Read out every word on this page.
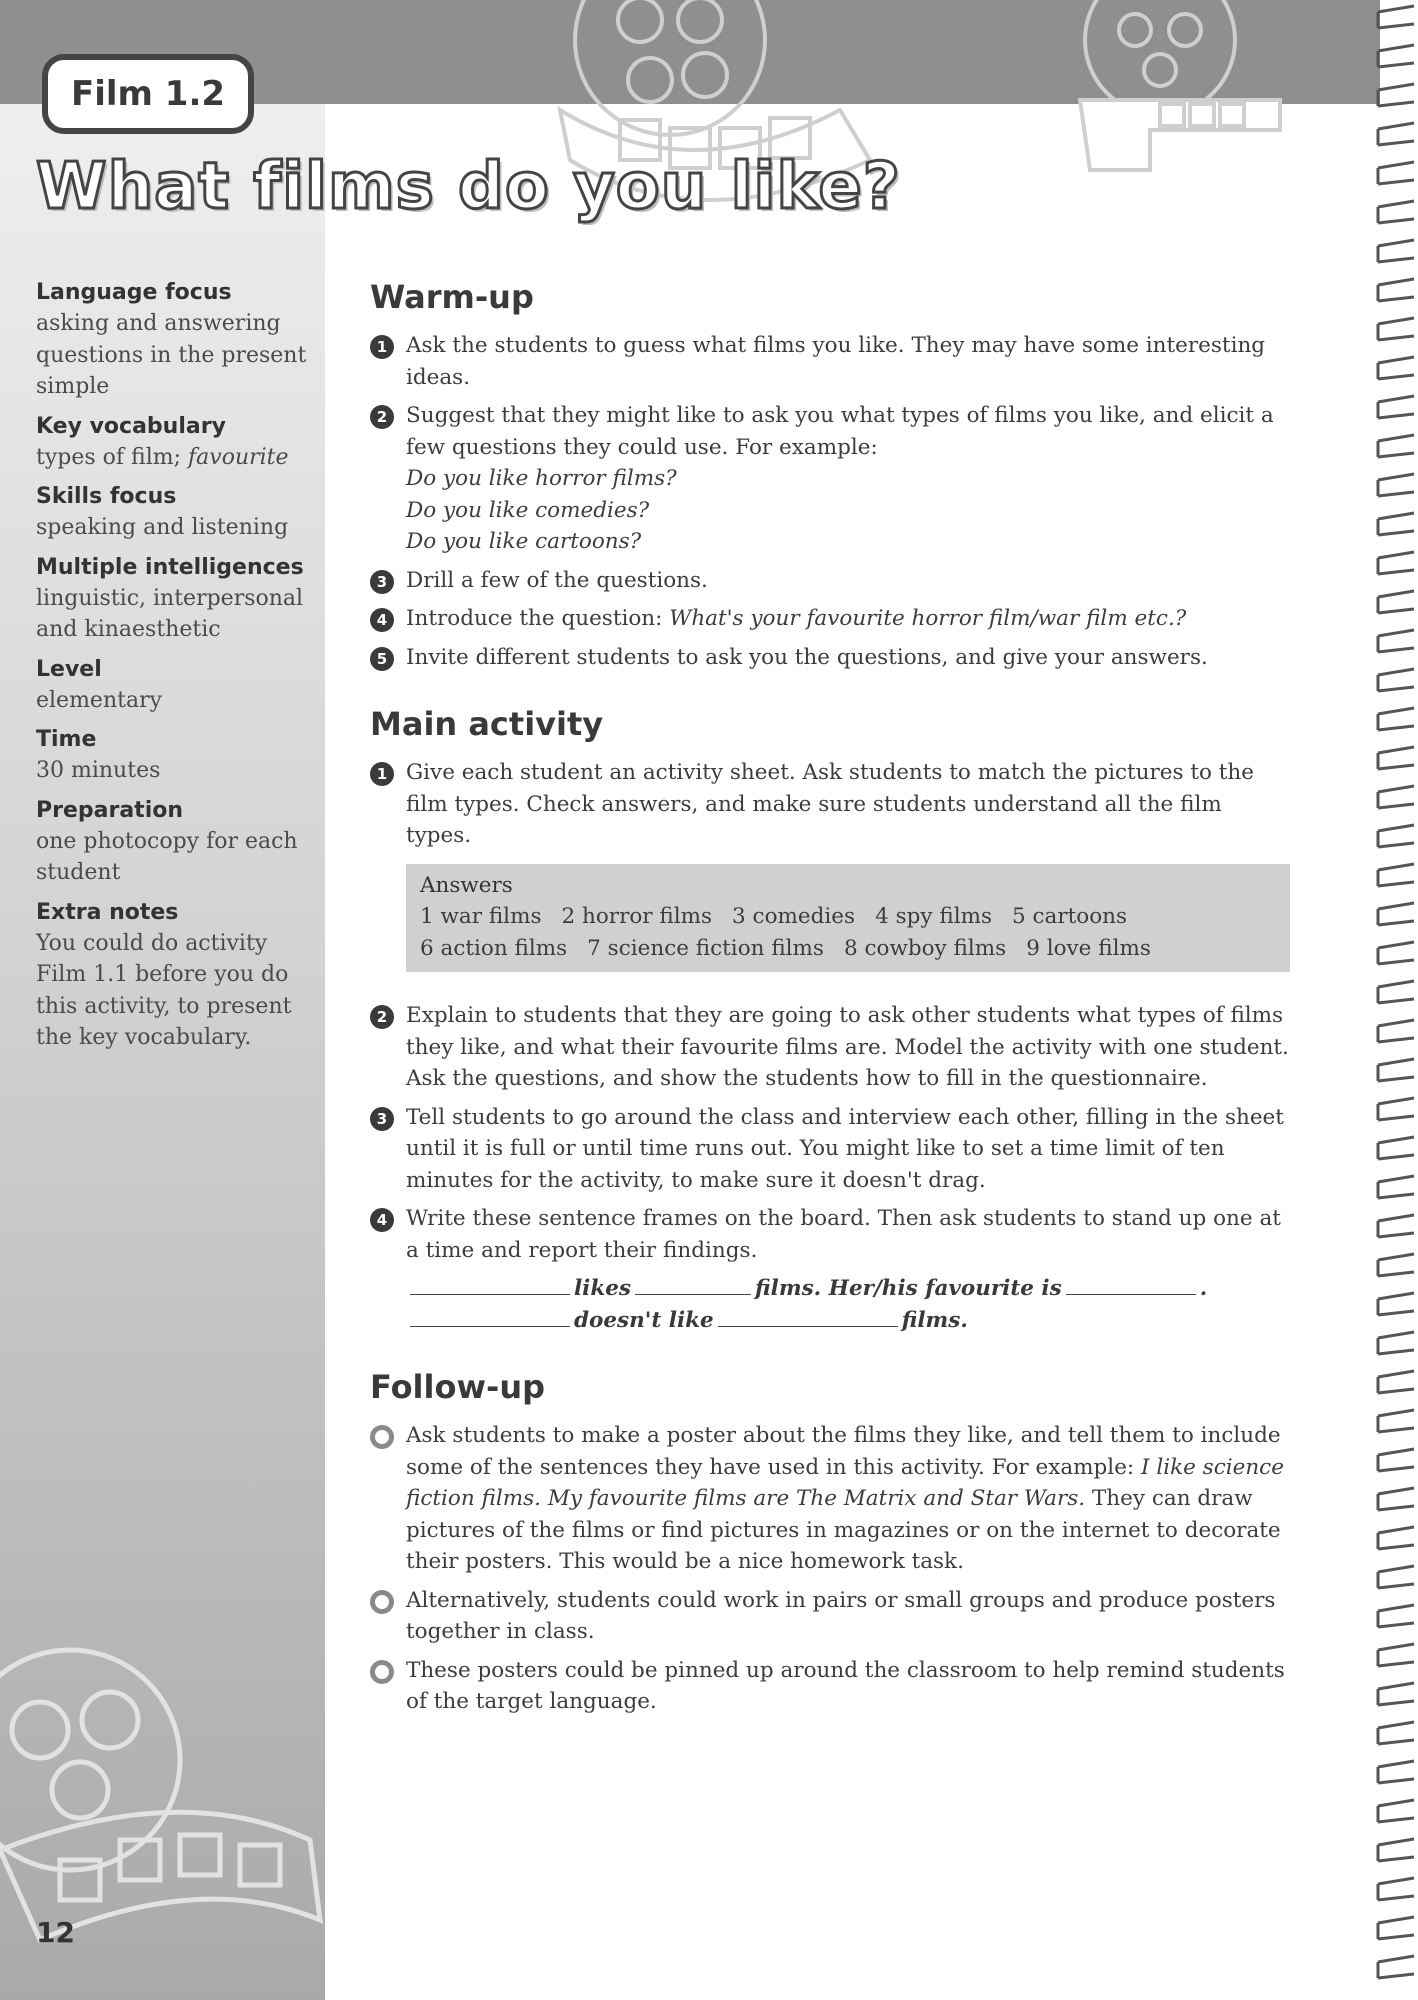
Film 1.2
What films do you like?
Language focus
asking and answering questions in the present simple
Key vocabulary
types of film; favourite
Skills focus
speaking and listening
Multiple intelligences
linguistic, interpersonal and kinaesthetic
Level
elementary
Time
30 minutes
Preparation
one photocopy for each student
Extra notes
You could do activity Film 1.1 before you do this activity, to present the key vocabulary.
12
Warm-up
1 Ask the students to guess what films you like. They may have some interesting ideas.
2 Suggest that they might like to ask you what types of films you like, and elicit a few questions they could use. For example:
Do you like horror films?
Do you like comedies?
Do you like cartoons?
3 Drill a few of the questions.
4 Introduce the question: What's your favourite horror film/war film etc.?
5 Invite different students to ask you the questions, and give your answers.
Main activity
1 Give each student an activity sheet. Ask students to match the pictures to the film types. Check answers, and make sure students understand all the film types.
Answers
1 war films 2 horror films 3 comedies 4 spy films 5 cartoons
6 action films 7 science fiction films 8 cowboy films 9 love films
2 Explain to students that they are going to ask other students what types of films they like, and what their favourite films are. Model the activity with one student. Ask the questions, and show the students how to fill in the questionnaire.
3 Tell students to go around the class and interview each other, filling in the sheet until it is full or until time runs out. You might like to set a time limit of ten minutes for the activity, to make sure it doesn't drag.
4 Write these sentence frames on the board. Then ask students to stand up one at a time and report their findings.
likes	films. Her/his favourite is	.
doesn't like	films.
Follow-up
Ask students to make a poster about the films they like, and tell them to include some of the sentences they have used in this activity. For example: I like science fiction films. My favourite films are The Matrix and Star Wars. They can draw pictures of the films or find pictures in magazines or on the internet to decorate their posters. This would be a nice homework task.
Alternatively, students could work in pairs or small groups and produce posters together in class.
These posters could be pinned up around the classroom to help remind students of the target language.
